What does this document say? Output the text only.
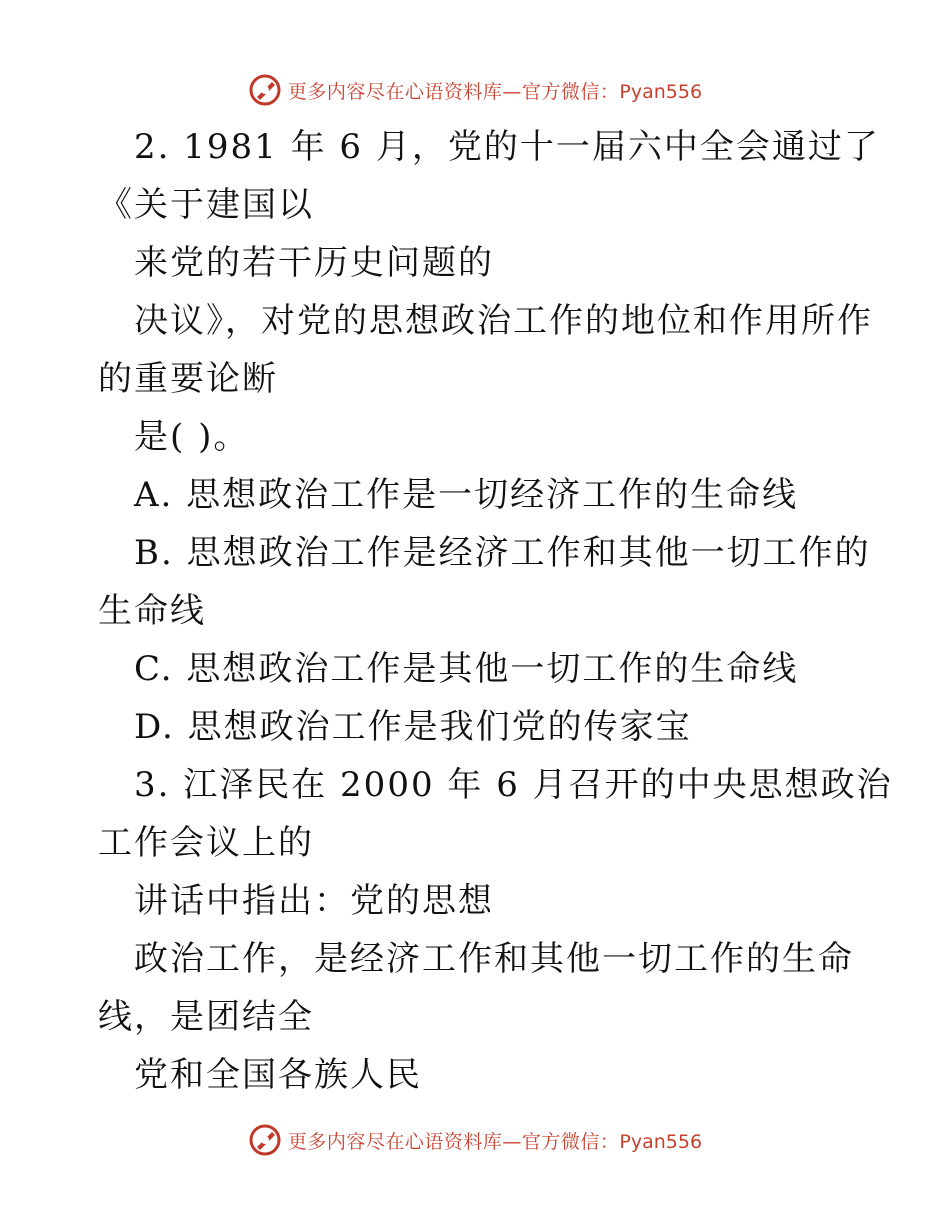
更多内容尽在心语资料库—官方微信：Pyan556
2. 1981 年 6 月，党的十一届六中全会通过了
《关于建国以
来党的若干历史问题的
决议》，对党的思想政治工作的地位和作用所作
的重要论断
是( )。
A. 思想政治工作是一切经济工作的生命线
B. 思想政治工作是经济工作和其他一切工作的
生命线
C. 思想政治工作是其他一切工作的生命线
D. 思想政治工作是我们党的传家宝
3. 江泽民在 2000 年 6 月召开的中央思想政治
工作会议上的
讲话中指出：党的思想
政治工作，是经济工作和其他一切工作的生命
线，是团结全
党和全国各族人民
更多内容尽在心语资料库—官方微信：Pyan556
